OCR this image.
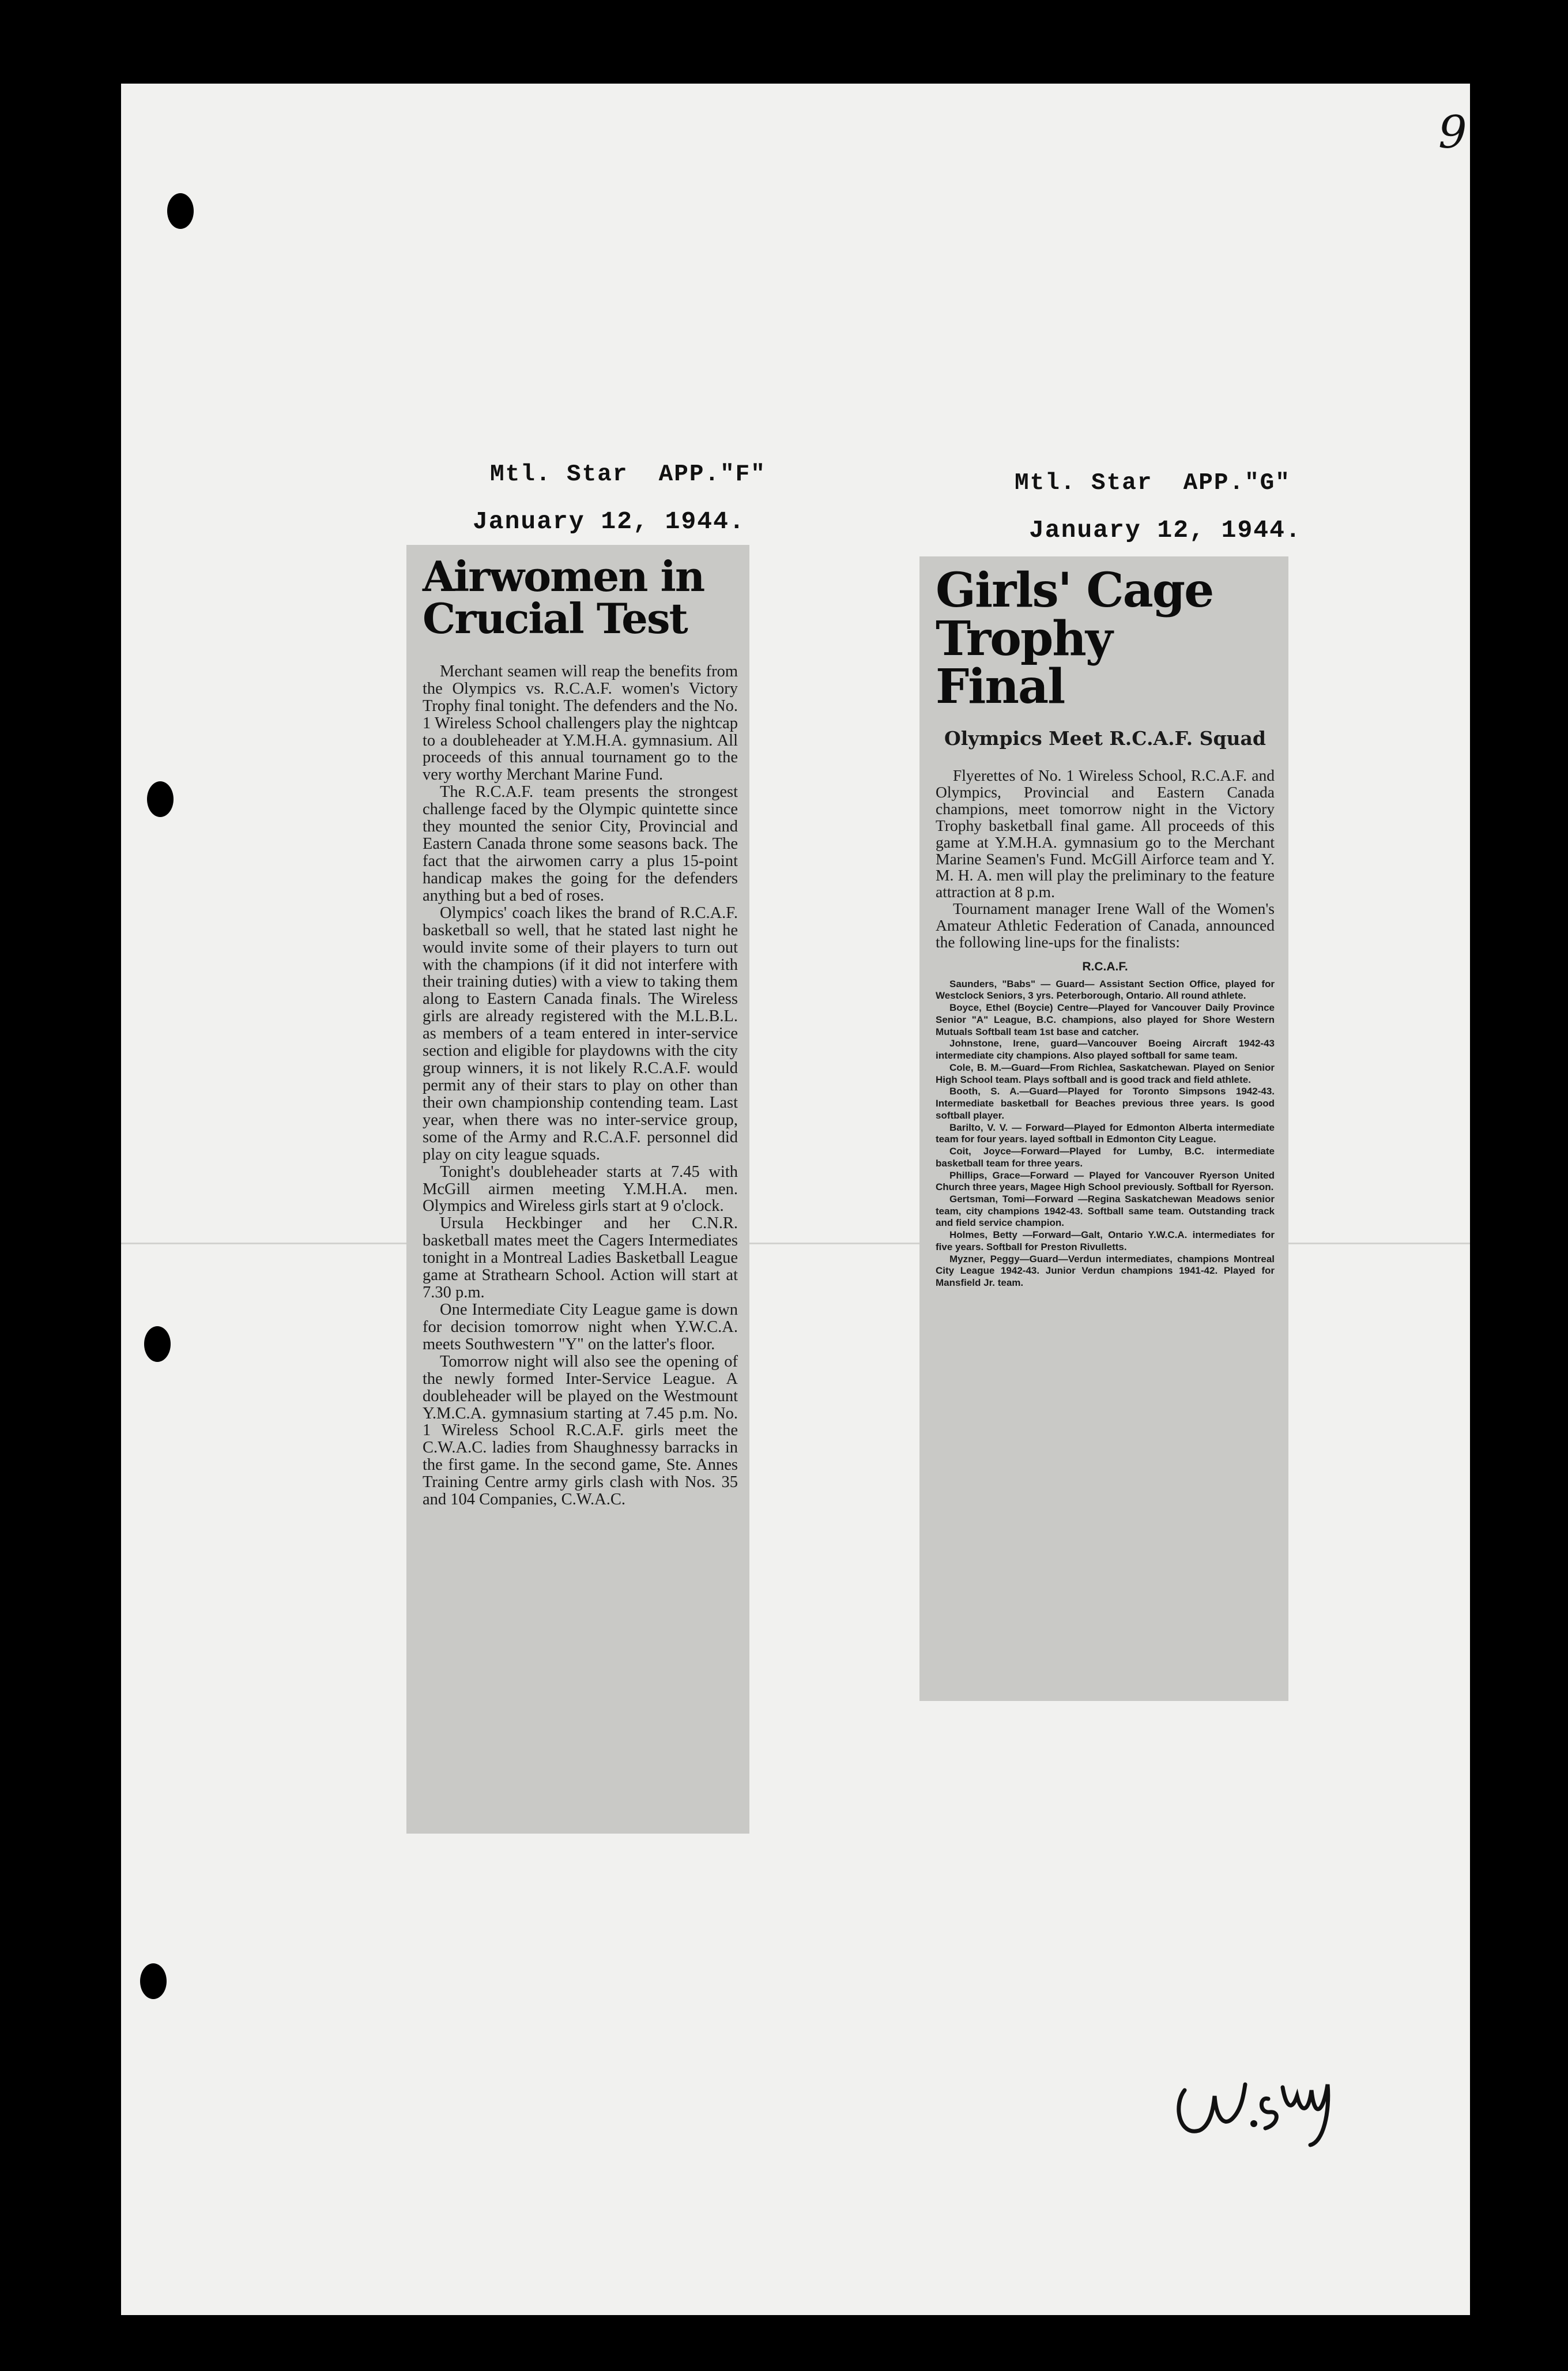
9
Mtl. Star APP."F"
January 12, 1944.
Airwomen in Crucial Test

Merchant seamen will reap the benefits from the Olympics vs. R.C.A.F. women's Victory Trophy final tonight. The defenders and the No. 1 Wireless School challengers play the nightcap to a doubleheader at Y.M.H.A. gymnasium. All proceeds of this annual tournament go to the very worthy Merchant Marine Fund.

The R.C.A.F. team presents the strongest challenge faced by the Olympic quintette since they mounted the senior City, Provincial and Eastern Canada throne some seasons back. The fact that the airwomen carry a plus 15-point handicap makes the going for the defenders anything but a bed of roses.

Olympics' coach likes the brand of R.C.A.F. basketball so well, that he stated last night he would invite some of their players to turn out with the champions (if it did not interfere with their training duties) with a view to taking them along to Eastern Canada finals. The Wireless girls are already registered with the M.L.B.L. as members of a team entered in inter-service section and eligible for playdowns with the city group winners, it is not likely R.C.A.F. would permit any of their stars to play on other than their own championship contending team. Last year, when there was no inter-service group, some of the Army and R.C.A.F. personnel did play on city league squads.

Tonight's doubleheader starts at 7.45 with McGill airmen meeting Y.M.H.A. men. Olympics and Wireless girls start at 9 o'clock.

Ursula Heckbinger and her C.N.R. basketball mates meet the Cagers Intermediates tonight in a Montreal Ladies Basketball League game at Strathearn School. Action will start at 7.30 p.m.

One Intermediate City League game is down for decision tomorrow night when Y.W.C.A. meets Southwestern "Y" on the latter's floor.

Tomorrow night will also see the opening of the newly formed Inter-Service League. A doubleheader will be played on the Westmount Y.M.C.A. gymnasium starting at 7.45 p.m. No. 1 Wireless School R.C.A.F. girls meet the C.W.A.C. ladies from Shaughnessy barracks in the first game. In the second game, Ste. Annes Training Centre army girls clash with Nos. 35 and 104 Companies, C.W.A.C.

Mtl. Star APP."G"
January 12, 1944.
Girls' Cage Trophy Final
Olympics Meet R.C.A.F. Squad

Flyerettes of No. 1 Wireless School, R.C.A.F. and Olympics, Provincial and Eastern Canada champions, meet tomorrow night in the Victory Trophy basketball final game. All proceeds of this game at Y.M.H.A. gymnasium go to the Merchant Marine Seamen's Fund. McGill Airforce team and Y. M. H. A. men will play the preliminary to the feature attraction at 8 p.m.

Tournament manager Irene Wall of the Women's Amateur Athletic Federation of Canada, announced the following line-ups for the finalists:

R.C.A.F.

Saunders, "Babs" — Guard— Assistant Section Office, played for Westclock Seniors, 3 yrs. Peterborough, Ontario. All round athlete.

Boyce, Ethel (Boycie) Centre—Played for Vancouver Daily Province Senior "A" League, B.C. champions, also played for Shore Western Mutuals Softball team 1st base and catcher.

Johnstone, Irene, guard—Vancouver Boeing Aircraft 1942-43 intermediate city champions. Also played softball for same team.

Cole, B. M.—Guard—From Richlea, Saskatchewan. Played on Senior High School team. Plays softball and is good track and field athlete.

Booth, S. A.—Guard—Played for Toronto Simpsons 1942-43. Intermediate basketball for Beaches previous three years. Is good softball player.

Barilto, V. V. — Forward—Played for Edmonton Alberta intermediate team for four years. layed softball in Edmonton City League.

Coit, Joyce—Forward—Played for Lumby, B.C. intermediate basketball team for three years.

Phillips, Grace—Forward — Played for Vancouver Ryerson United Church three years, Magee High School previously. Softball for Ryerson.

Gertsman, Tomi—Forward —Regina Saskatchewan Meadows senior team, city champions 1942-43. Softball same team. Outstanding track and field service champion.

Holmes, Betty —Forward—Galt, Ontario Y.W.C.A. intermediates for five years. Softball for Preston Rivulletts.

Myzner, Peggy—Guard—Verdun intermediates, champions Montreal City League 1942-43. Junior Verdun champions 1941-42. Played for Mansfield Jr. team.
